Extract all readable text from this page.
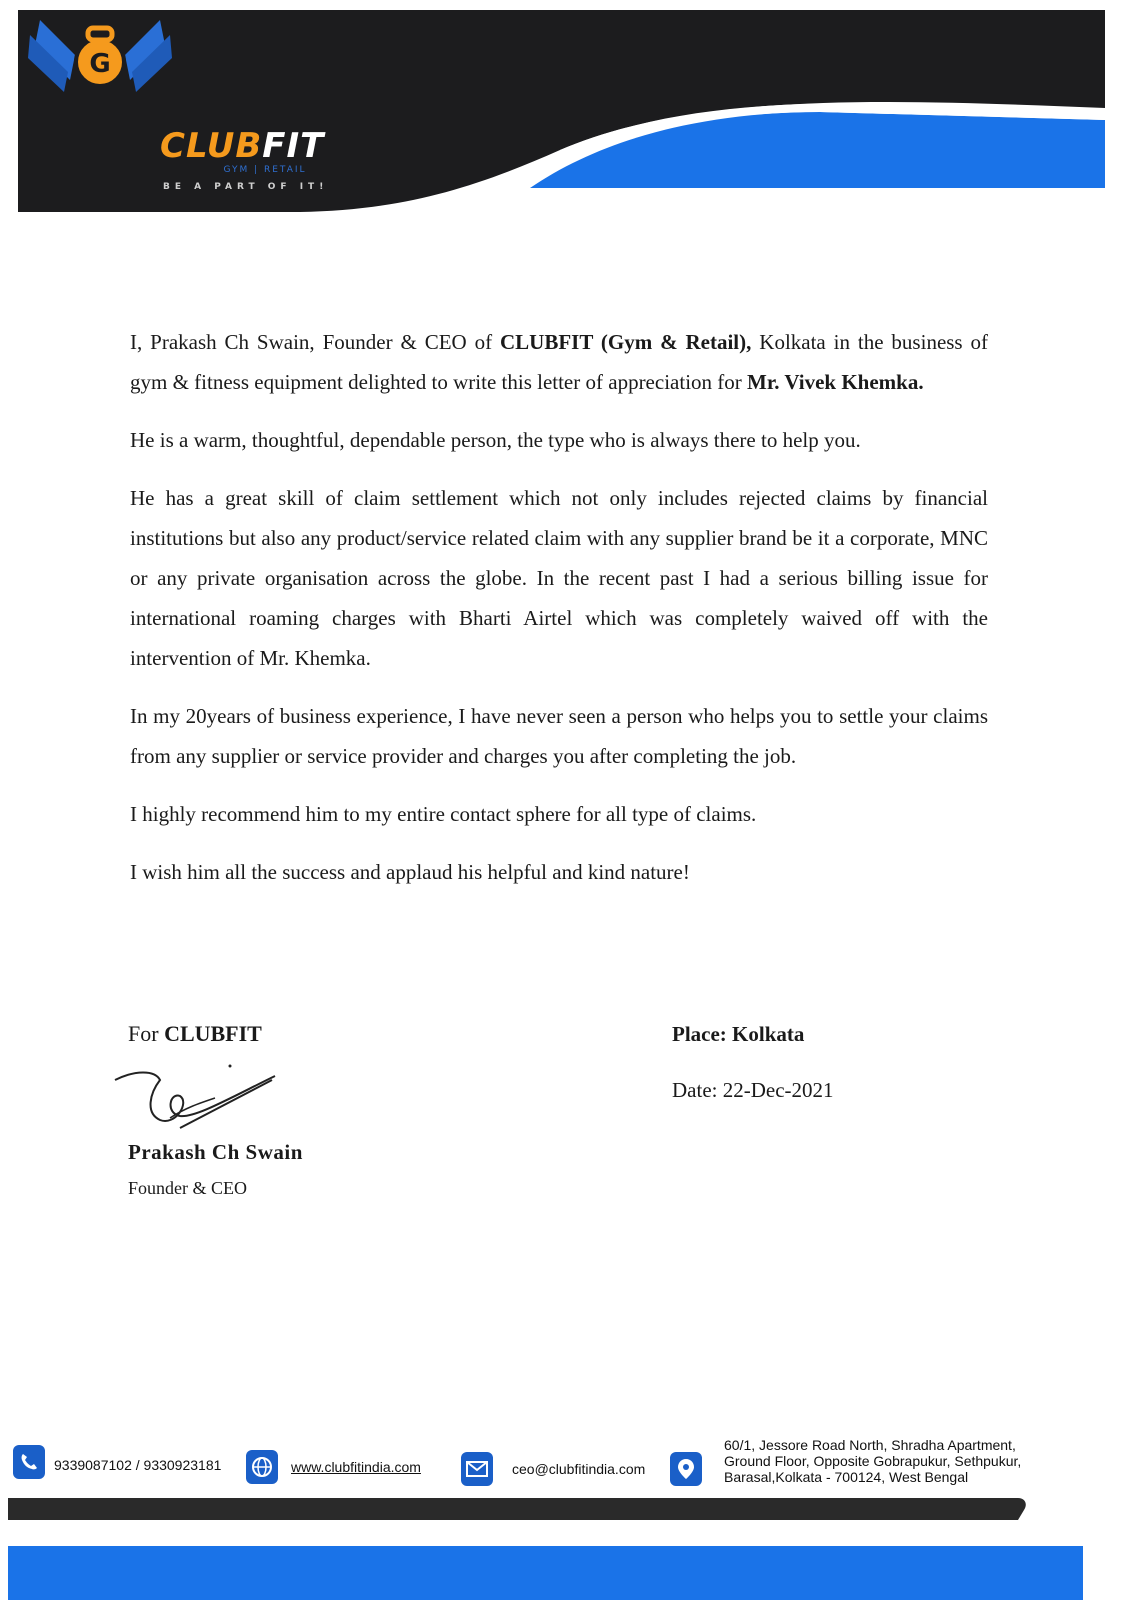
G
CLUBFIT
GYM | RETAIL
BE A PART OF IT!

I, Prakash Ch Swain, Founder & CEO of CLUBFIT (Gym & Retail), Kolkata in the business of gym & fitness equipment delighted to write this letter of appreciation for Mr. Vivek Khemka.

He is a warm, thoughtful, dependable person, the type who is always there to help you.

He has a great skill of claim settlement which not only includes rejected claims by financial institutions but also any product/service related claim with any supplier brand be it a corporate, MNC or any private organisation across the globe. In the recent past I had a serious billing issue for international roaming charges with Bharti Airtel which was completely waived off with the intervention of Mr. Khemka.

In my 20years of business experience, I have never seen a person who helps you to settle your claims from any supplier or service provider and charges you after completing the job.

I highly recommend him to my entire contact sphere for all type of claims.

I wish him all the success and applaud his helpful and kind nature!

For CLUBFIT
Prakash Ch Swain
Founder & CEO
Place: Kolkata
Date: 22-Dec-2021
9339087102 / 9330923181	www.clubfitindia.com	ceo@clubfitindia.com
60/1, Jessore Road North, Shradha Apartment,
Ground Floor, Opposite Gobrapukur, Sethpukur,
Barasal,Kolkata - 700124, West Bengal
